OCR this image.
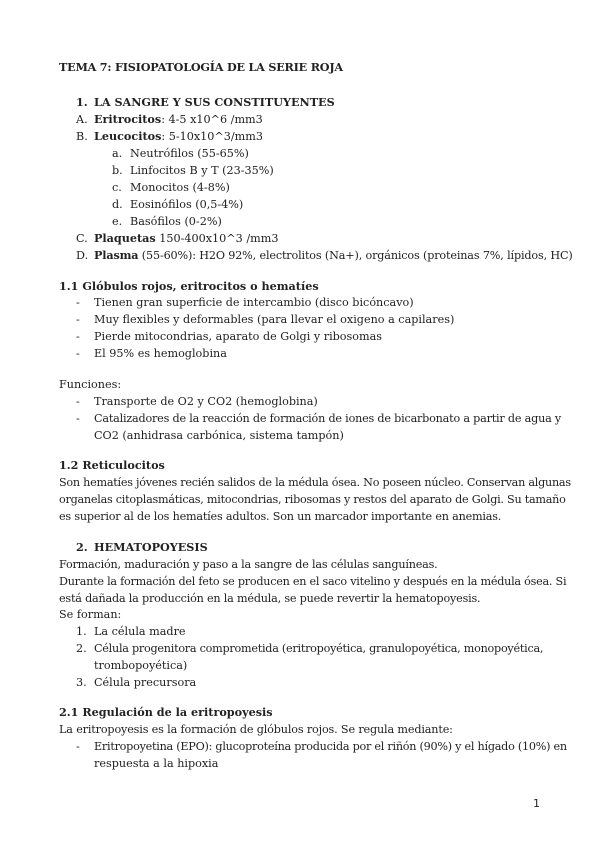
TEMA 7: FISIOPATOLOGÍA DE LA SERIE ROJA
1. LA SANGRE Y SUS CONSTITUYENTES
A. Eritrocitos: 4-5 x10^6 /mm3
B. Leucocitos: 5-10x10^3/mm3
a. Neutrófilos (55-65%)
b. Linfocitos B y T (23-35%)
c. Monocitos (4-8%)
d. Eosinófilos (0,5-4%)
e. Basófilos (0-2%)
C. Plaquetas 150-400x10^3 /mm3
D. Plasma (55-60%): H2O 92%, electrolitos (Na+), orgánicos (proteinas 7%, lípidos, HC)
1.1 Glóbulos rojos, eritrocitos o hematíes
- Tienen gran superficie de intercambio (disco bicóncavo)
- Muy flexibles y deformables (para llevar el oxigeno a capilares)
- Pierde mitocondrias, aparato de Golgi y ribosomas
- El 95% es hemoglobina
Funciones:
- Transporte de O2 y CO2 (hemoglobina)
- Catalizadores de la reacción de formación de iones de bicarbonato a partir de agua y
CO2 (anhidrasa carbónica, sistema tampón)
1.2 Reticulocitos
Son hematíes jóvenes recién salidos de la médula ósea. No poseen núcleo. Conservan algunas
organelas citoplasmáticas, mitocondrias, ribosomas y restos del aparato de Golgi. Su tamaño
es superior al de los hematíes adultos. Son un marcador importante en anemias.
2. HEMATOPOYESIS
Formación, maduración y paso a la sangre de las células sanguíneas.
Durante la formación del feto se producen en el saco vitelino y después en la médula ósea. Si
está dañada la producción en la médula, se puede revertir la hematopoyesis.
Se forman:
1. La célula madre
2. Célula progenitora comprometida (eritropoyética, granulopoyética, monopoyética,
trombopoyética)
3. Célula precursora
2.1 Regulación de la eritropoyesis
La eritropoyesis es la formación de glóbulos rojos. Se regula mediante:
- Eritropoyetina (EPO): glucoproteína producida por el riñón (90%) y el hígado (10%) en
respuesta a la hipoxia
1
